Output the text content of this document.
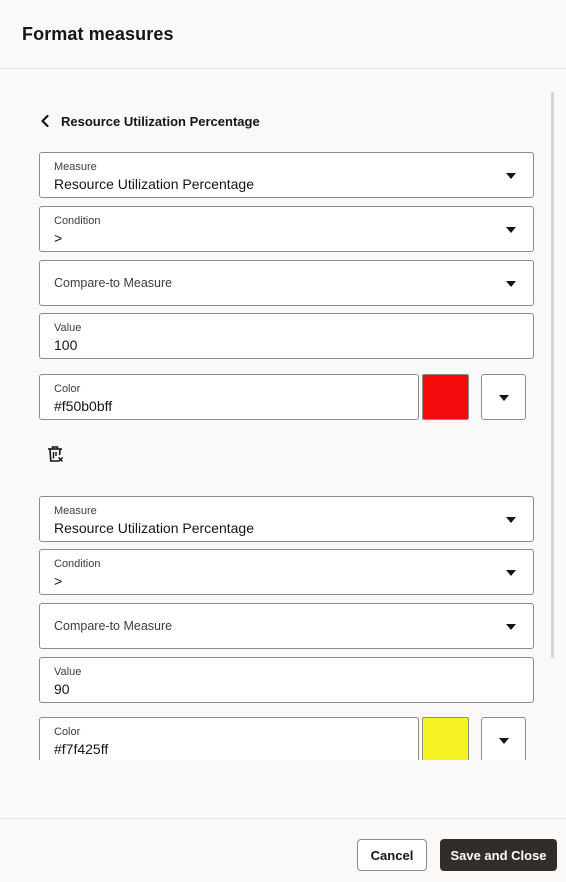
Format measures
Resource Utilization Percentage
Measure
Resource Utilization Percentage
Condition
>
Compare-to Measure
Value
100
Color
#f50b0bff
Measure
Resource Utilization Percentage
Condition
>
Compare-to Measure
Value
90
Color
#f7f425ff
Cancel	Save and Close
